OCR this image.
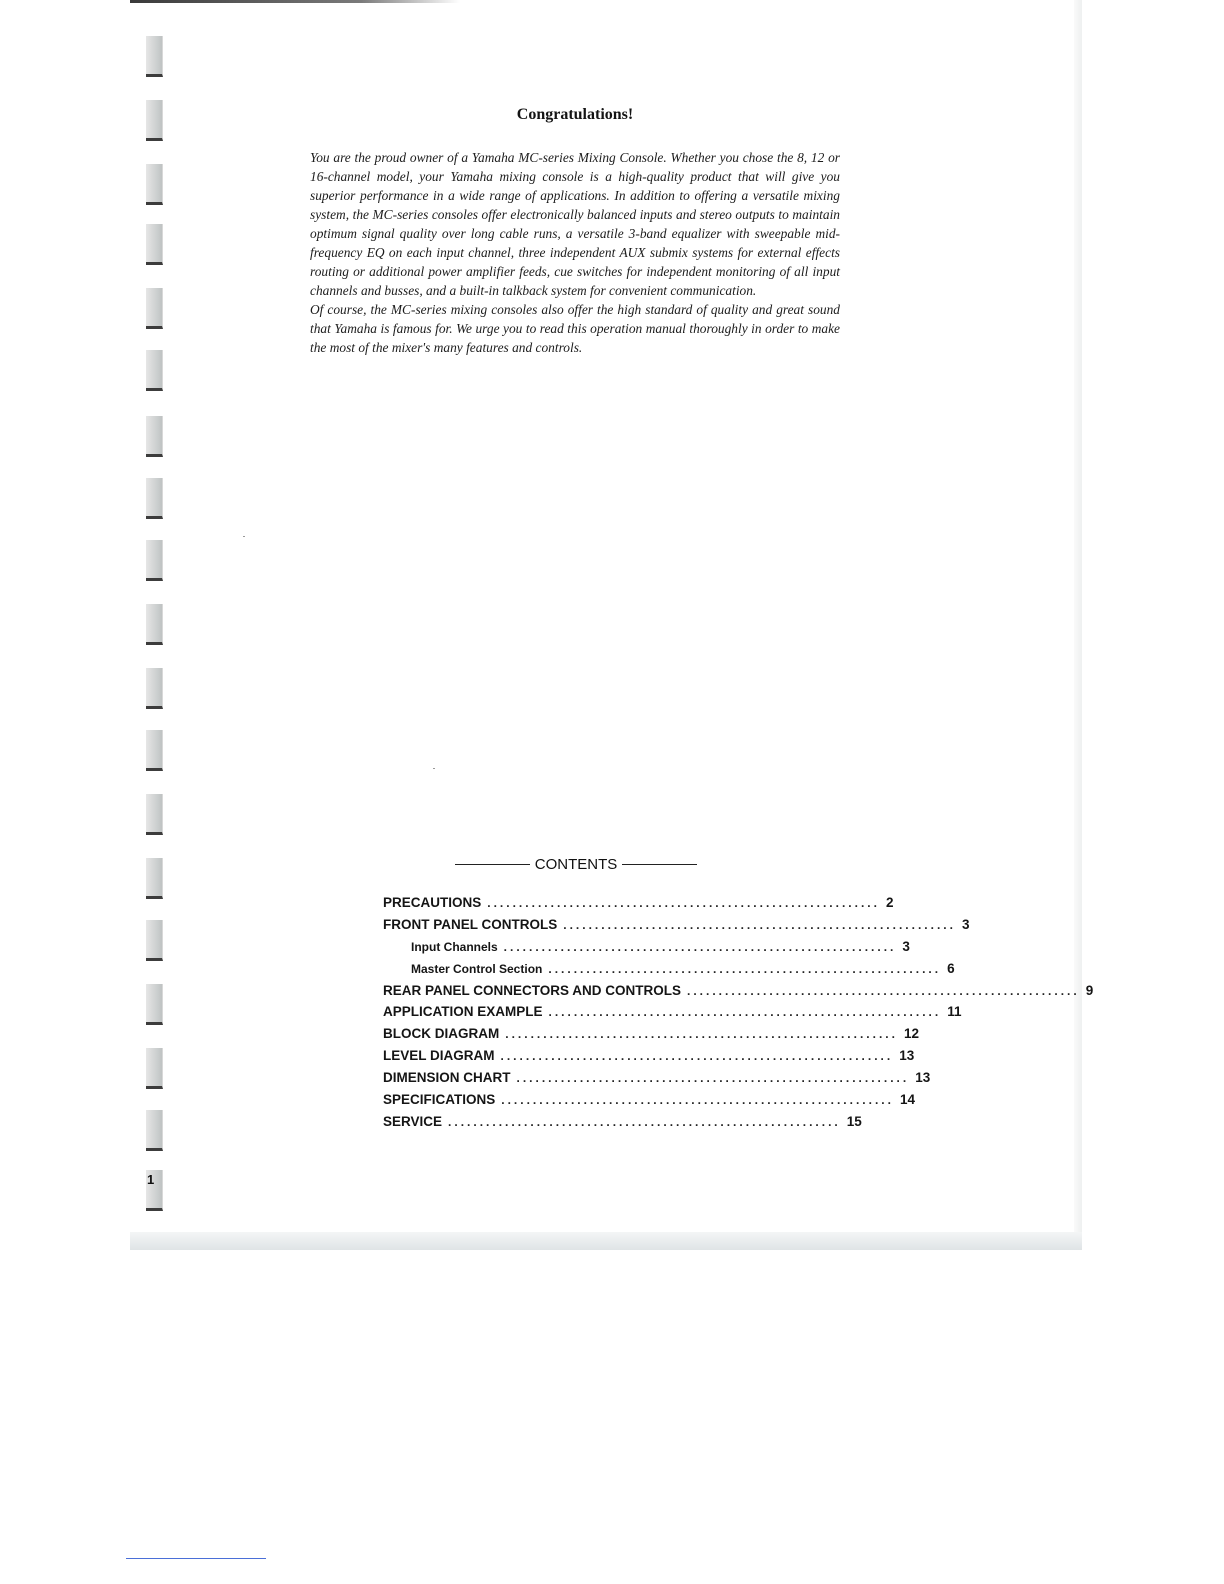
1
Congratulations!

You are the proud owner of a Yamaha MC-series Mixing Console. Whether you chose the 8, 12 or 16-channel model, your Yamaha mixing console is a high-quality product that will give you superior performance in a wide range of applications. In addition to offering a versatile mixing system, the MC-series consoles offer electronically balanced inputs and stereo outputs to maintain optimum signal quality over long cable runs, a versatile 3-band equalizer with sweepable mid-frequency EQ on each input channel, three independent AUX submix systems for external effects routing or additional power amplifier feeds, cue switches for independent monitoring of all input channels and busses, and a built-in talkback system for convenient communication.

Of course, the MC-series mixing consoles also offer the high standard of quality and great sound that Yamaha is famous for. We urge you to read this operation manual thoroughly in order to make the most of the mixer's many features and controls.

CONTENTS
PRECAUTIONS .............................................................. 2
FRONT PANEL CONTROLS .............................................................. 3
Input Channels .............................................................. 3
Master Control Section .............................................................. 6
REAR PANEL CONNECTORS AND CONTROLS .............................................................. 9
APPLICATION EXAMPLE .............................................................. 11
BLOCK DIAGRAM .............................................................. 12
LEVEL DIAGRAM .............................................................. 13
DIMENSION CHART .............................................................. 13
SPECIFICATIONS .............................................................. 14
SERVICE .............................................................. 15
